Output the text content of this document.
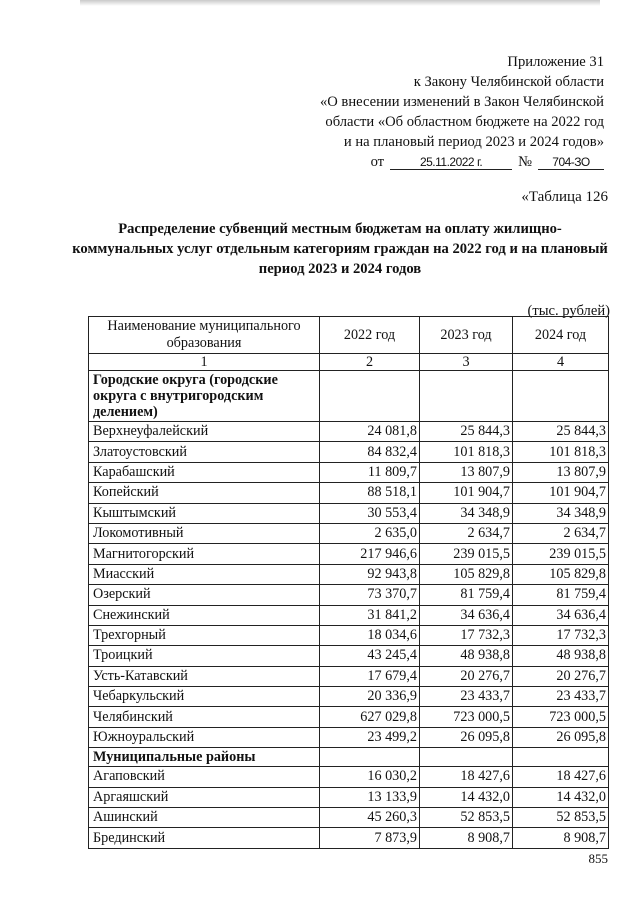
Приложение 31
к Закону Челябинской области
«О внесении изменений в Закон Челябинской
области «Об областном бюджете на 2022 год
и на плановый период 2023 и 2024 годов»
от	25.11.2022 г.	№	704-ЗО
«Таблица 126
Распределение субвенций местным бюджетам на оплату жилищно-коммунальных услуг отдельным категориям граждан на 2022 год и на плановый период 2023 и 2024 годов
(тыс. рублей)
Наименование муниципального образования	2022 год	2023 год	2024 год
1	2	3	4
Городские округа (городские округа с внутригородским делением)			
Верхнеуфалейский	24 081,8	25 844,3	25 844,3
Златоустовский	84 832,4	101 818,3	101 818,3
Карабашский	11 809,7	13 807,9	13 807,9
Копейский	88 518,1	101 904,7	101 904,7
Кыштымский	30 553,4	34 348,9	34 348,9
Локомотивный	2 635,0	2 634,7	2 634,7
Магнитогорский	217 946,6	239 015,5	239 015,5
Миасский	92 943,8	105 829,8	105 829,8
Озерский	73 370,7	81 759,4	81 759,4
Снежинский	31 841,2	34 636,4	34 636,4
Трехгорный	18 034,6	17 732,3	17 732,3
Троицкий	43 245,4	48 938,8	48 938,8
Усть-Катавский	17 679,4	20 276,7	20 276,7
Чебаркульский	20 336,9	23 433,7	23 433,7
Челябинский	627 029,8	723 000,5	723 000,5
Южноуральский	23 499,2	26 095,8	26 095,8
Муниципальные районы			
Агаповский	16 030,2	18 427,6	18 427,6
Аргаяшский	13 133,9	14 432,0	14 432,0
Ашинский	45 260,3	52 853,5	52 853,5
Брединский	7 873,9	8 908,7	8 908,7
855
